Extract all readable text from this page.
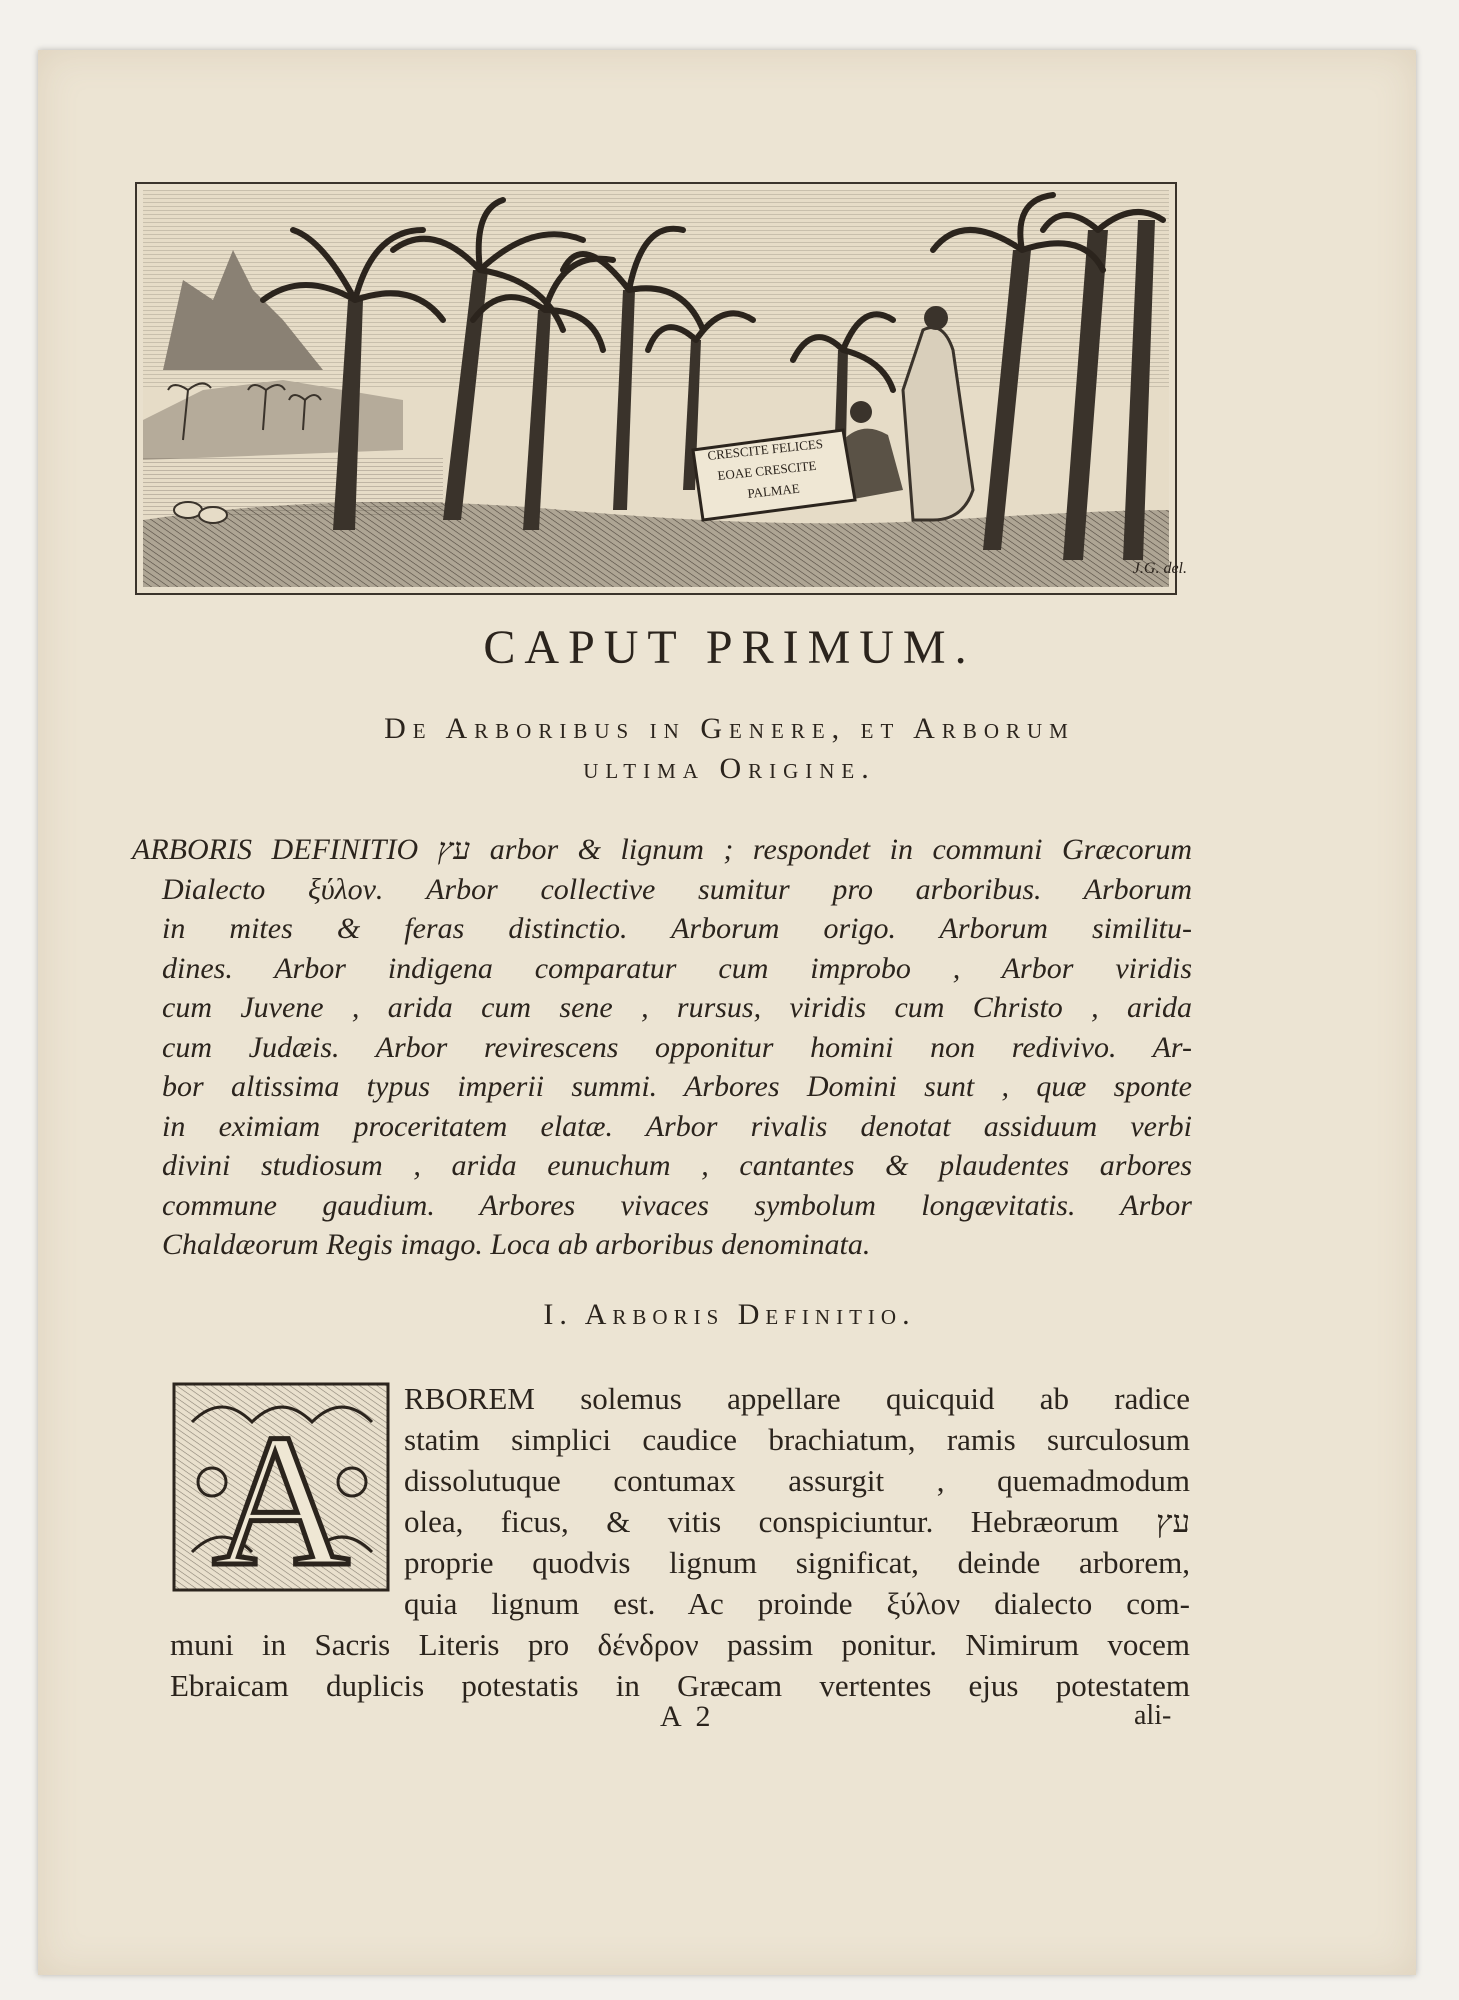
CRESCITE FELICES
EOAE CRESCITE
PALMAE
J.G. del.
CAPUT PRIMUM.
De Arboribus in Genere, et Arborum
ultima Origine.
ARBORIS DEFINITIO עץ arbor & lignum ; respondet in communi Græcorum
Dialecto ξύλον. Arbor collective sumitur pro arboribus. Arborum
in mites & feras distinctio. Arborum origo. Arborum similitu-
dines. Arbor indigena comparatur cum improbo , Arbor viridis
cum Juvene , arida cum sene , rursus, viridis cum Christo , arida
cum Judæis. Arbor revirescens opponitur homini non redivivo. Ar-
bor altissima typus imperii summi. Arbores Domini sunt , quæ sponte
in eximiam proceritatem elatæ. Arbor rivalis denotat assiduum verbi
divini studiosum , arida eunuchum , cantantes & plaudentes arbores
commune gaudium. Arbores vivaces symbolum longævitatis. Arbor
Chaldæorum Regis imago. Loca ab arboribus denominata.
I. Arboris Definitio.
A RBOREM solemus appellare quicquid ab radice
statim simplici caudice brachiatum, ramis surculosum
dissolutuque contumax assurgit , quemadmodum
olea, ficus, & vitis conspiciuntur. Hebræorum עץ
proprie quodvis lignum significat, deinde arborem,
quia lignum est. Ac proinde ξύλον dialecto com-
muni in Sacris Literis pro δένδρον passim ponitur. Nimirum vocem
Ebraicam duplicis potestatis in Græcam vertentes ejus potestatem
A 2	ali-
